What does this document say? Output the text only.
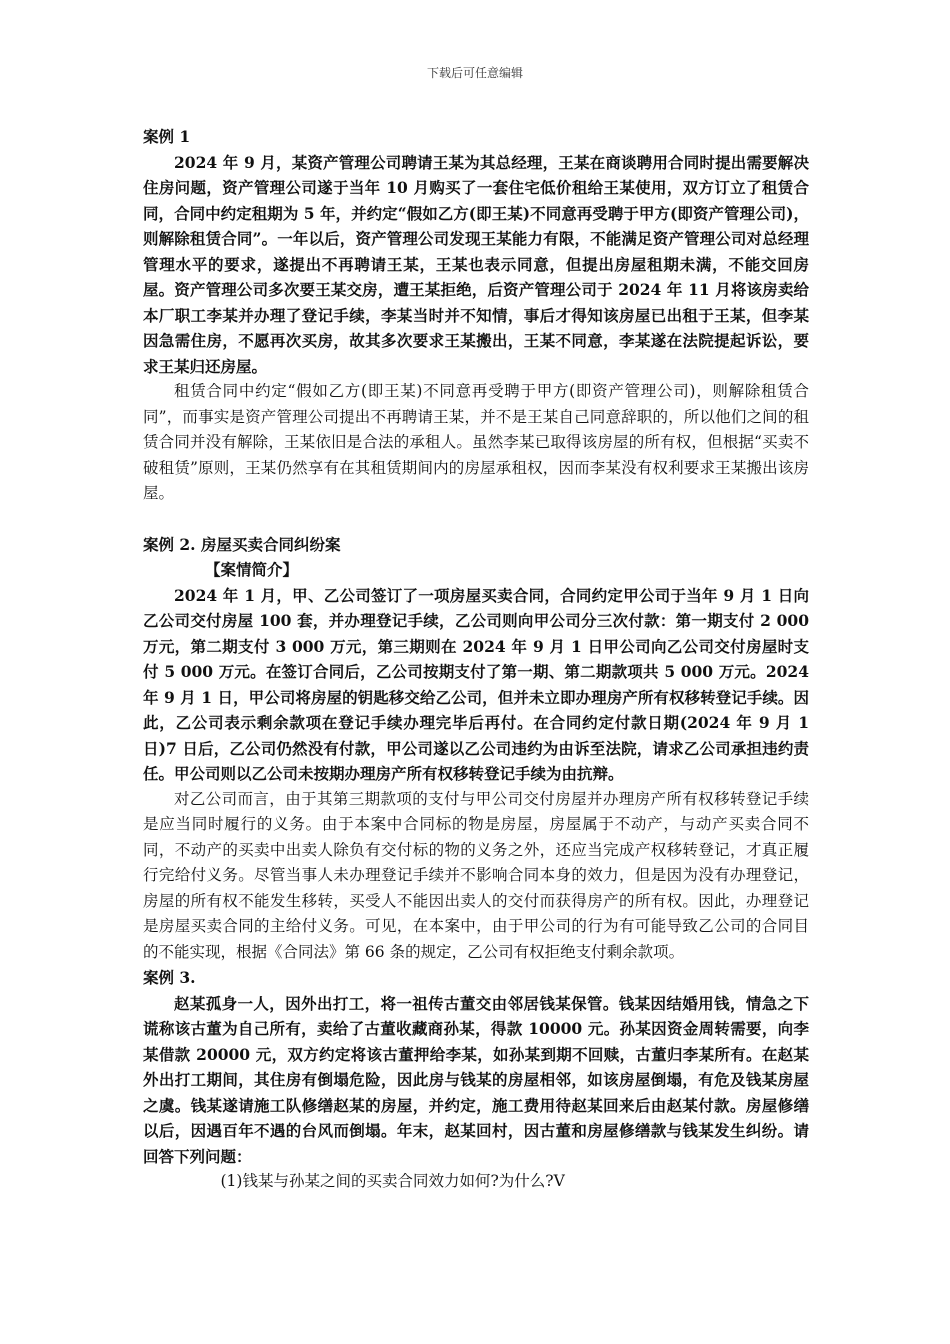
下载后可任意编辑

案例 1

2024 年 9 月，某资产管理公司聘请王某为其总经理，王某在商谈聘用合同时提出需要解决住房问题，资产管理公司遂于当年 10 月购买了一套住宅低价租给王某使用，双方订立了租赁合同，合同中约定租期为 5 年，并约定“假如乙方(即王某)不同意再受聘于甲方(即资产管理公司)，则解除租赁合同”。一年以后，资产管理公司发现王某能力有限，不能满足资产管理公司对总经理管理水平的要求，遂提出不再聘请王某，王某也表示同意，但提出房屋租期未满，不能交回房屋。资产管理公司多次要王某交房，遭王某拒绝，后资产管理公司于 2024 年 11 月将该房卖给本厂职工李某并办理了登记手续，李某当时并不知情，事后才得知该房屋已出租于王某，但李某因急需住房，不愿再次买房，故其多次要求王某搬出，王某不同意，李某遂在法院提起诉讼，要求王某归还房屋。

租赁合同中约定“假如乙方(即王某)不同意再受聘于甲方(即资产管理公司)，则解除租赁合同”，而事实是资产管理公司提出不再聘请王某，并不是王某自己同意辞职的，所以他们之间的租赁合同并没有解除，王某依旧是合法的承租人。虽然李某已取得该房屋的所有权，但根据“买卖不破租赁”原则，王某仍然享有在其租赁期间内的房屋承租权，因而李某没有权利要求王某搬出该房屋。

案例 2. 房屋买卖合同纠纷案

【案情简介】

2024 年 1 月，甲、乙公司签订了一项房屋买卖合同，合同约定甲公司于当年 9 月 1 日向乙公司交付房屋 100 套，并办理登记手续，乙公司则向甲公司分三次付款：第一期支付 2 000 万元，第二期支付 3 000 万元，第三期则在 2024 年 9 月 1 日甲公司向乙公司交付房屋时支付 5 000 万元。在签订合同后，乙公司按期支付了第一期、第二期款项共 5 000 万元。2024 年 9 月 1 日，甲公司将房屋的钥匙移交给乙公司，但并未立即办理房产所有权移转登记手续。因此，乙公司表示剩余款项在登记手续办理完毕后再付。在合同约定付款日期(2024 年 9 月 1 日)7 日后，乙公司仍然没有付款，甲公司遂以乙公司违约为由诉至法院，请求乙公司承担违约责任。甲公司则以乙公司未按期办理房产所有权移转登记手续为由抗辩。

对乙公司而言，由于其第三期款项的支付与甲公司交付房屋并办理房产所有权移转登记手续是应当同时履行的义务。由于本案中合同标的物是房屋，房屋属于不动产，与动产买卖合同不同，不动产的买卖中出卖人除负有交付标的物的义务之外，还应当完成产权移转登记，才真正履行完给付义务。尽管当事人未办理登记手续并不影响合同本身的效力，但是因为没有办理登记，房屋的所有权不能发生移转，买受人不能因出卖人的交付而获得房产的所有权。因此，办理登记是房屋买卖合同的主给付义务。可见，在本案中，由于甲公司的行为有可能导致乙公司的合同目的不能实现，根据《合同法》第 66 条的规定，乙公司有权拒绝支付剩余款项。

案例 3.

赵某孤身一人，因外出打工，将一祖传古董交由邻居钱某保管。钱某因结婚用钱，情急之下谎称该古董为自己所有，卖给了古董收藏商孙某，得款 10000 元。孙某因资金周转需要，向李某借款 20000 元，双方约定将该古董押给李某，如孙某到期不回赎，古董归李某所有。在赵某外出打工期间，其住房有倒塌危险，因此房与钱某的房屋相邻，如该房屋倒塌，有危及钱某房屋之虞。钱某遂请施工队修缮赵某的房屋，并约定，施工费用待赵某回来后由赵某付款。房屋修缮以后，因遇百年不遇的台风而倒塌。年末，赵某回村，因古董和房屋修缮款与钱某发生纠纷。请回答下列问题：

(1)钱某与孙某之间的买卖合同效力如何?为什么?V
